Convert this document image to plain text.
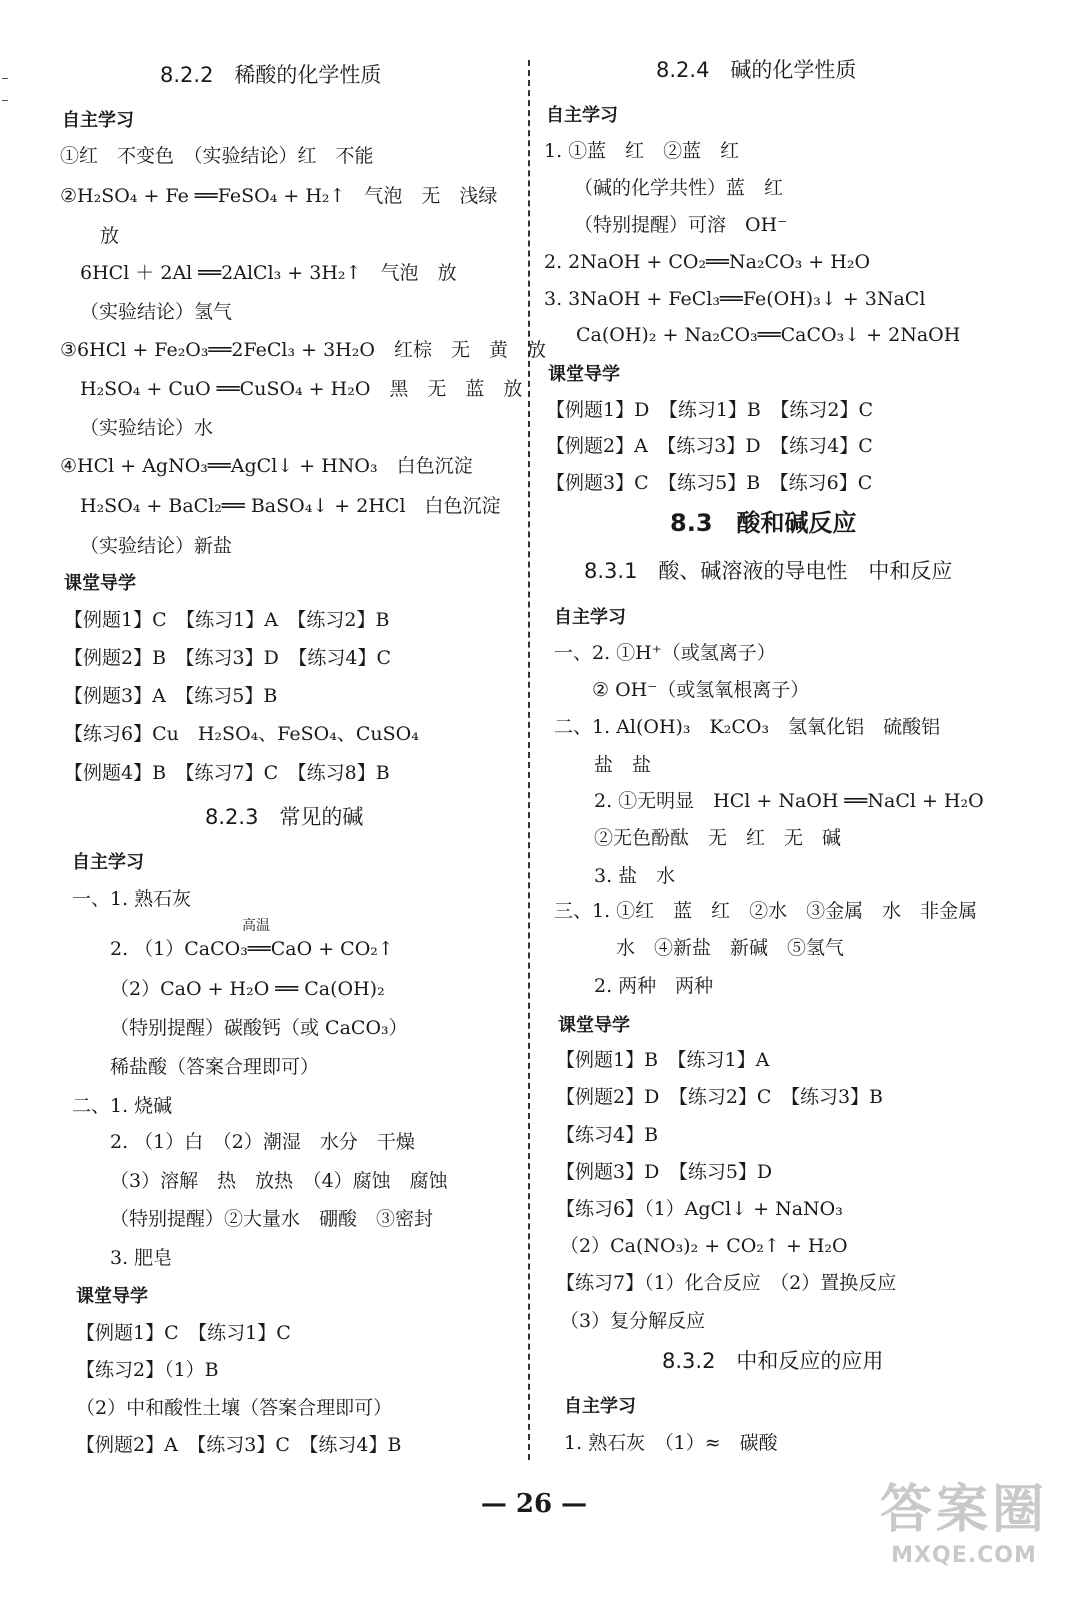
8.2.2　稀酸的化学性质
自主学习
①红　不变色　（实验结论）红　不能
②H₂SO₄ + Fe ══FeSO₄ + H₂↑　气泡　无　浅绿
放
6HCl ＋ 2Al ══2AlCl₃ + 3H₂↑　气泡　放
（实验结论）氢气
③6HCl + Fe₂O₃══2FeCl₃ + 3H₂O　红棕　无　黄　放
H₂SO₄ + CuO ══CuSO₄ + H₂O　黑　无　蓝　放
（实验结论）水
④HCl + AgNO₃══AgCl↓ + HNO₃　白色沉淀
H₂SO₄ + BaCl₂══ BaSO₄↓ + 2HCl　白色沉淀
（实验结论）新盐
课堂导学
【例题1】C　【练习1】A　【练习2】B
【例题2】B　【练习3】D　【练习4】C
【例题3】A　【练习5】B
【练习6】Cu　H₂SO₄、FeSO₄、CuSO₄
【例题4】B　【练习7】C　【练习8】B
8.2.3　常见的碱
自主学习
一、1. 熟石灰
高温
2. （1）CaCO₃══CaO + CO₂↑
（2）CaO + H₂O ══ Ca(OH)₂
（特别提醒）碳酸钙（或 CaCO₃）
稀盐酸（答案合理即可）
二、1. 烧碱
2. （1）白　（2）潮湿　水分　干燥
（3）溶解　热　放热　（4）腐蚀　腐蚀
（特别提醒）②大量水　硼酸　③密封
3. 肥皂
课堂导学
【例题1】C　【练习1】C
【练习2】（1）B
（2）中和酸性土壤（答案合理即可）
【例题2】A　【练习3】C　【练习4】B
8.2.4　碱的化学性质
自主学习
1. ①蓝　红　②蓝　红
（碱的化学共性）蓝　红
（特别提醒）可溶　OH⁻
2. 2NaOH + CO₂══Na₂CO₃ + H₂O
3. 3NaOH + FeCl₃══Fe(OH)₃↓ + 3NaCl
Ca(OH)₂ + Na₂CO₃══CaCO₃↓ + 2NaOH
课堂导学
【例题1】D　【练习1】B　【练习2】C
【例题2】A　【练习3】D　【练习4】C
【例题3】C　【练习5】B　【练习6】C
8.3　酸和碱反应
8.3.1　酸、碱溶液的导电性　中和反应
自主学习
一、2. ①H⁺（或氢离子）
② OH⁻（或氢氧根离子）
二、1. Al(OH)₃　K₂CO₃　氢氧化铝　硫酸铝
盐　盐
2. ①无明显　HCl + NaOH ══NaCl + H₂O
②无色酚酞　无　红　无　碱
3. 盐　水
三、1. ①红　蓝　红　②水　③金属　水　非金属
水　④新盐　新碱　⑤氢气
2. 两种　两种
课堂导学
【例题1】B　【练习1】A
【例题2】D　【练习2】C　【练习3】B
【练习4】B
【例题3】D　【练习5】D
【练习6】（1）AgCl↓ + NaNO₃
（2）Ca(NO₃)₂ + CO₂↑ + H₂O
【练习7】（1）化合反应　（2）置换反应
（3）复分解反应
8.3.2　中和反应的应用
自主学习
1. 熟石灰　（1）≈　碳酸
— 26 —	答案圈
MXQE.COM
